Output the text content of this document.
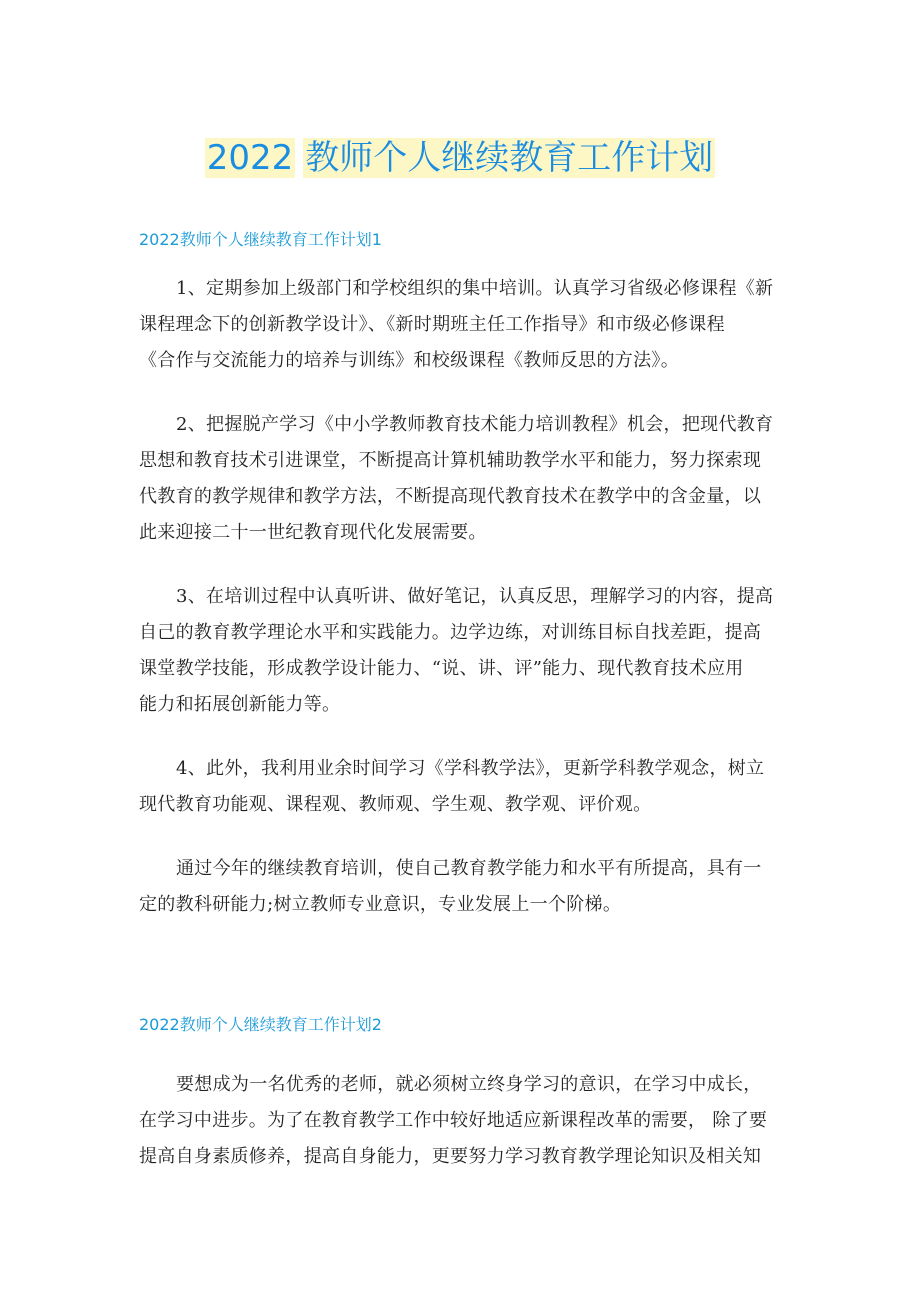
2022 教师个人继续教育工作计划
2022教师个人继续教育工作计划1
1、定期参加上级部门和学校组织的集中培训。认真学习省级必修课程《新
课程理念下的创新教学设计》、《新时期班主任工作指导》和市级必修课程
《合作与交流能力的培养与训练》和校级课程《教师反思的方法》。
2、把握脱产学习《中小学教师教育技术能力培训教程》机会，把现代教育
思想和教育技术引进课堂，不断提高计算机辅助教学水平和能力，努力探索现
代教育的教学规律和教学方法，不断提高现代教育技术在教学中的含金量，以
此来迎接二十一世纪教育现代化发展需要。
3、在培训过程中认真听讲、做好笔记，认真反思，理解学习的内容，提高
自己的教育教学理论水平和实践能力。边学边练，对训练目标自找差距，提高
课堂教学技能，形成教学设计能力、“说、讲、评”能力、现代教育技术应用
能力和拓展创新能力等。
4、此外，我利用业余时间学习《学科教学法》，更新学科教学观念，树立
现代教育功能观、课程观、教师观、学生观、教学观、评价观。
通过今年的继续教育培训，使自己教育教学能力和水平有所提高，具有一
定的教科研能力;树立教师专业意识，专业发展上一个阶梯。
2022教师个人继续教育工作计划2
要想成为一名优秀的老师，就必须树立终身学习的意识，在学习中成长，
在学习中进步。为了在教育教学工作中较好地适应新课程改革的需要， 除了要
提高自身素质修养，提高自身能力，更要努力学习教育教学理论知识及相关知
